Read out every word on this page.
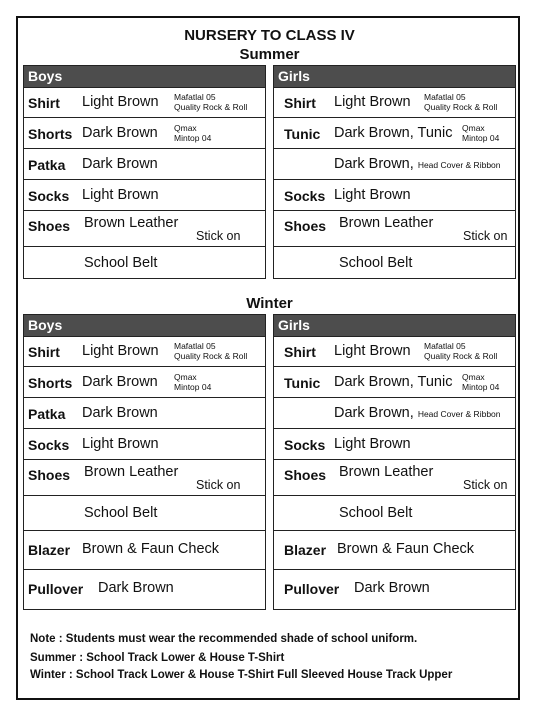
NURSERY TO CLASS IV
Summer
Boys
Shirt Light Brown Mafatlal 05
Quality Rock & Roll
Shorts Dark Brown Qmax
Mintop 04
Patka Dark Brown
Socks Light Brown
Shoes Brown Leather
Stick on
School Belt
Girls
Shirt Light Brown Mafatlal 05
Quality Rock & Roll
Tunic Dark Brown, Tunic Qmax
Mintop 04
Dark Brown, Head Cover & Ribbon
Socks Light Brown
Shoes Brown Leather
Stick on
School Belt
Winter
Boys
Shirt Light Brown Mafatlal 05
Quality Rock & Roll
Shorts Dark Brown Qmax
Mintop 04
Patka Dark Brown
Socks Light Brown
Shoes Brown Leather
Stick on
School Belt
Blazer Brown & Faun Check
Pullover Dark Brown
Girls
Shirt Light Brown Mafatlal 05
Quality Rock & Roll
Tunic Dark Brown, Tunic Qmax
Mintop 04
Dark Brown, Head Cover & Ribbon
Socks Light Brown
Shoes Brown Leather
Stick on
School Belt
Blazer Brown & Faun Check
Pullover Dark Brown
Note : Students must wear the recommended shade of school uniform.
Summer : School Track Lower & House T-Shirt
Winter : School Track Lower & House T-Shirt Full Sleeved House Track Upper
